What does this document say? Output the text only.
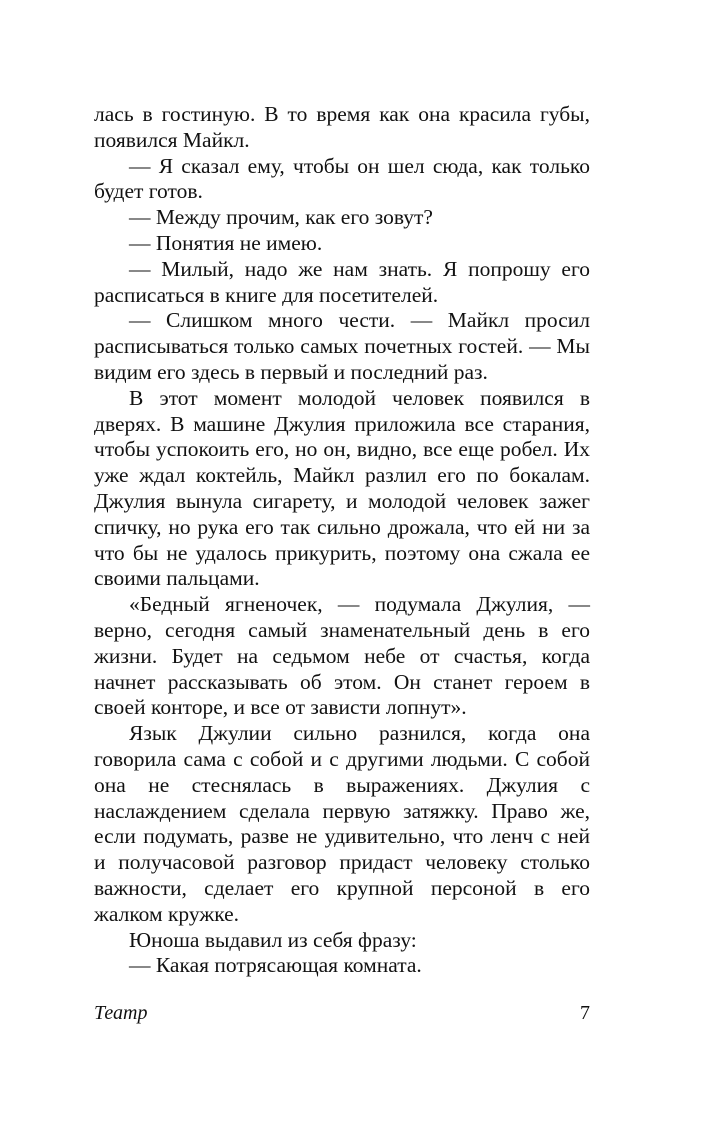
лась в гостиную. В то время как она красила губы, появился Майкл.

— Я сказал ему, чтобы он шел сюда, как только будет готов.

— Между прочим, как его зовут?

— Понятия не имею.

— Милый, надо же нам знать. Я попрошу его расписаться в книге для посетителей.

— Слишком много чести. — Майкл просил расписываться только самых почетных гостей. — Мы видим его здесь в первый и последний раз.

В этот момент молодой человек появился в дверях. В машине Джулия приложила все старания, чтобы успокоить его, но он, видно, все еще робел. Их уже ждал коктейль, Майкл разлил его по бокалам. Джулия вынула сигарету, и молодой человек зажег спичку, но рука его так сильно дрожала, что ей ни за что бы не удалось прикурить, поэтому она сжала ее своими пальцами.

«Бедный ягненочек, — подумала Джулия, — верно, сегодня самый знаменательный день в его жизни. Будет на седьмом небе от счастья, когда начнет рассказывать об этом. Он станет героем в своей конторе, и все от зависти лопнут».

Язык Джулии сильно разнился, когда она говорила сама с собой и с другими людьми. С собой она не стеснялась в выражениях. Джулия с наслаждением сделала первую затяжку. Право же, если подумать, разве не удивительно, что ленч с ней и получасовой разговор придаст человеку столько важности, сделает его крупной персоной в его жалком кружке.

Юноша выдавил из себя фразу:

— Какая потрясающая комната.

Театр	7
